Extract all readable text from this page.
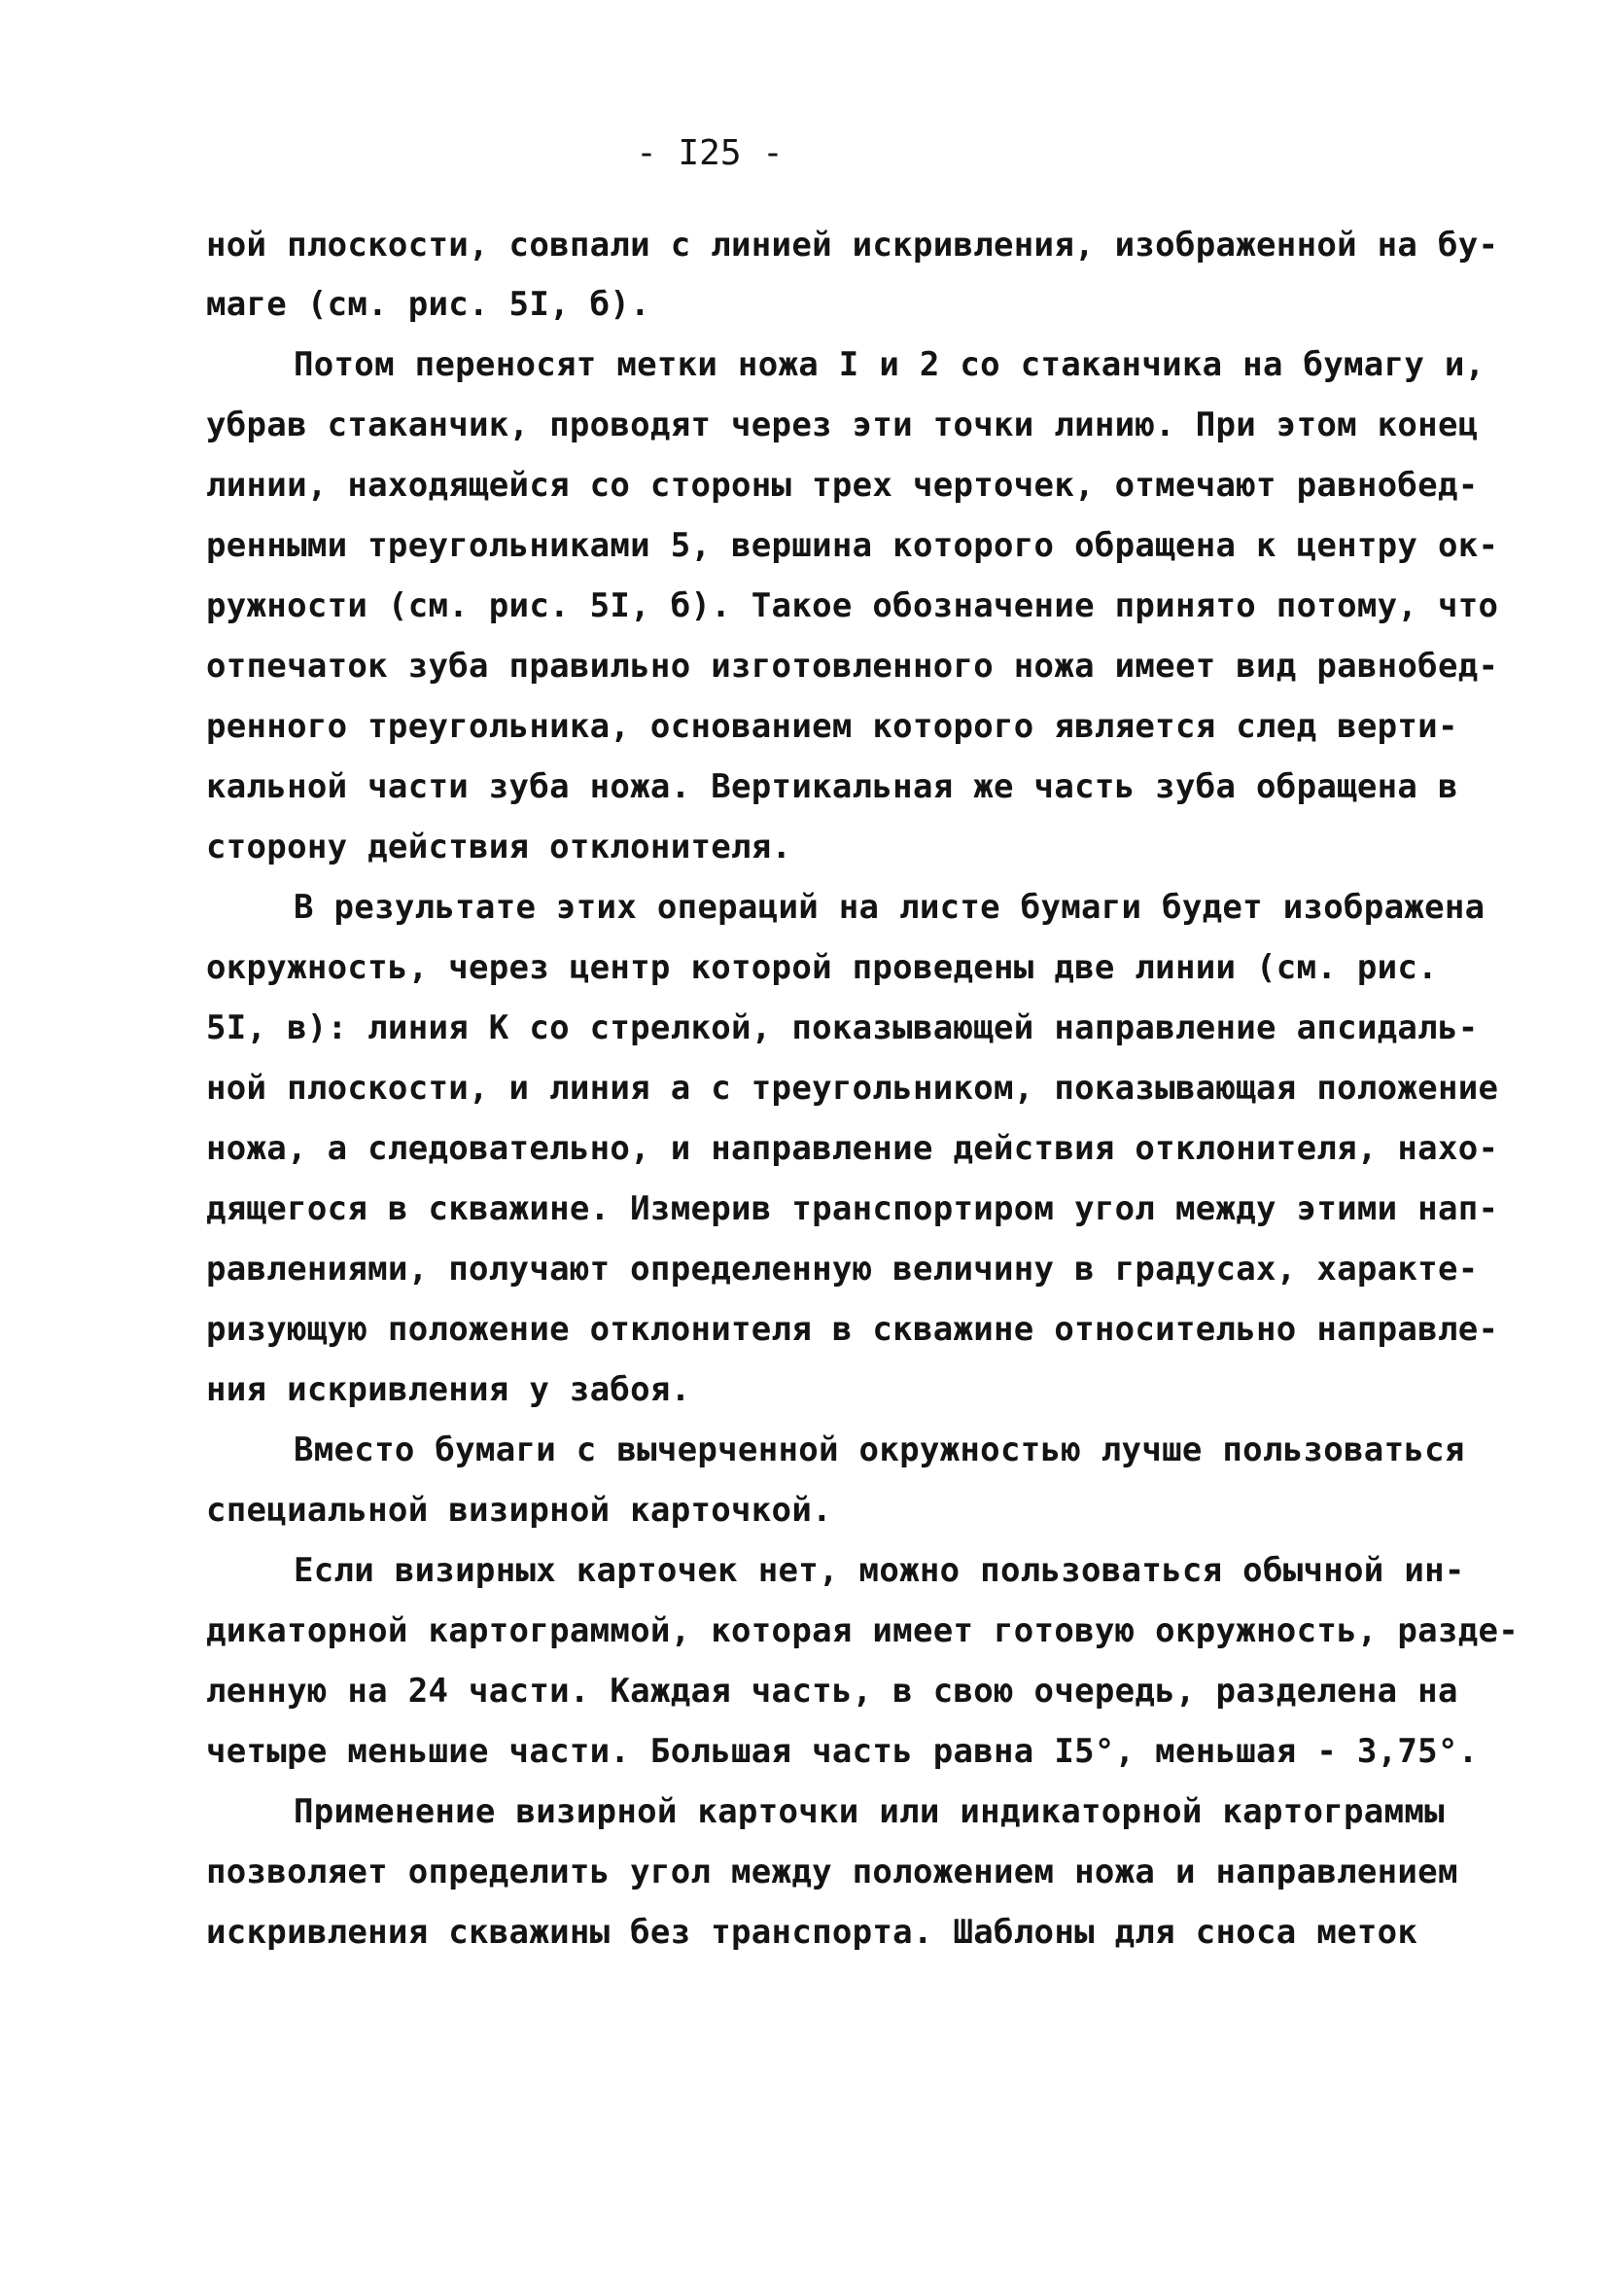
- I25 -
ной плоскости, совпали с линией искривления, изображенной на бу-
маге (см. рис. 5I, б).
Потом переносят метки ножа I и 2 со стаканчика на бумагу и,
убрав стаканчик, проводят через эти точки линию. При этом конец
линии, находящейся со стороны трех черточек, отмечают равнобед-
ренными треугольниками 5, вершина которого обращена к центру ок-
ружности (см. рис. 5I, б). Такое обозначение принято потому, что
отпечаток зуба правильно изготовленного ножа имеет вид равнобед-
ренного треугольника, основанием которого является след верти-
кальной части зуба ножа. Вертикальная же часть зуба обращена в
сторону действия отклонителя.
В результате этих операций на листе бумаги будет изображена
окружность, через центр которой проведены две линии (см. рис.
5I, в): линия К со стрелкой, показывающей направление апсидаль-
ной плоскости, и линия а с треугольником, показывающая положение
ножа, а следовательно, и направление действия отклонителя, нахо-
дящегося в скважине. Измерив транспортиром угол между этими нап-
равлениями, получают определенную величину в градусах, характе-
ризующую положение отклонителя в скважине относительно направле-
ния искривления у забоя.
Вместо бумаги с вычерченной окружностью лучше пользоваться
специальной визирной карточкой.
Если визирных карточек нет, можно пользоваться обычной ин-
дикаторной картограммой, которая имеет готовую окружность, разде-
ленную на 24 части. Каждая часть, в свою очередь, разделена на
четыре меньшие части. Большая часть равна I5°, меньшая - 3,75°.
Применение визирной карточки или индикаторной картограммы
позволяет определить угол между положением ножа и направлением
искривления скважины без транспорта. Шаблоны для сноса меток
